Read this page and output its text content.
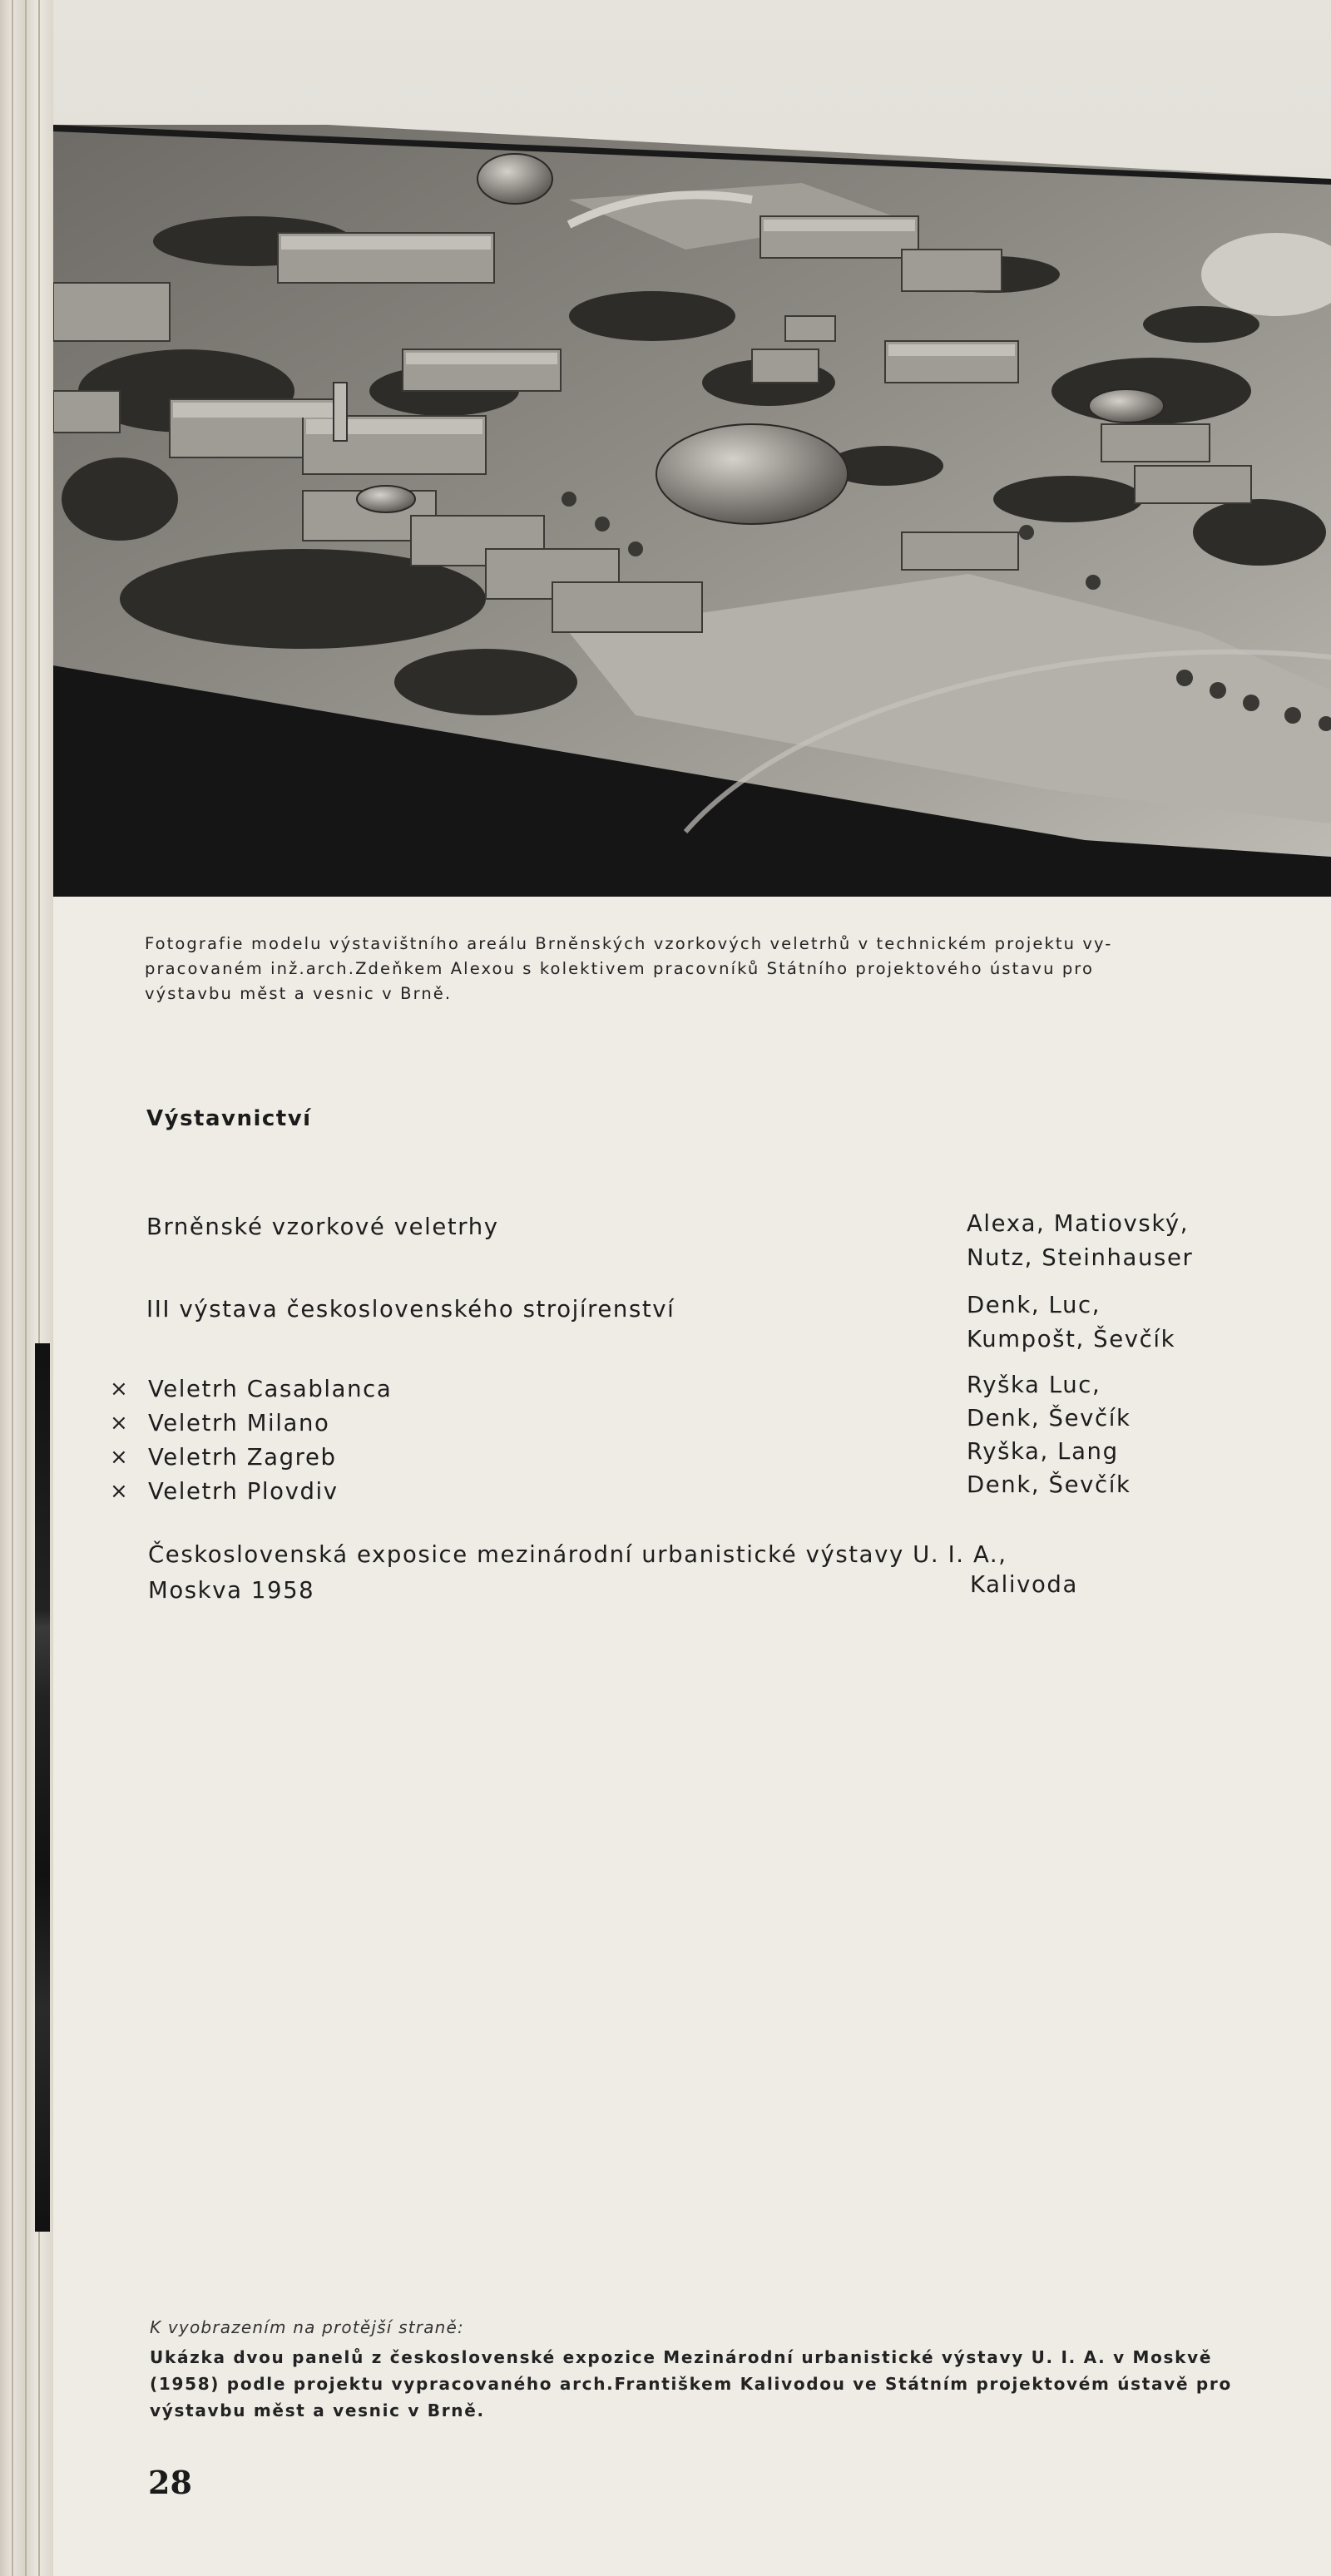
Fotografie modelu výstavištního areálu Brněnských vzorkových veletrhů v technickém projektu vy-
pracovaném inž.arch.Zdeňkem Alexou s kolektivem pracovníků Státního projektového ústavu pro
výstavbu měst a vesnic v Brně.
Výstavnictví
Brněnské vzorkové veletrhy	Alexa, Matiovský,
Nutz, Steinhauser
III výstava československého strojírenství	Denk, Luc,
Kumpošt, Ševčík
× Veletrh Casablanca	Ryška Luc,
× Veletrh Milano	Denk, Ševčík
× Veletrh Zagreb	Ryška, Lang
× Veletrh Plovdiv	Denk, Ševčík
Československá exposice mezinárodní urbanistické výstavy U. I. A.,
Moskva 1958	Kalivoda
K vyobrazením na protější straně:
Ukázka dvou panelů z československé expozice Mezinárodní urbanistické výstavy U. I. A. v Moskvě
(1958) podle projektu vypracovaného arch.Františkem Kalivodou ve Státním projektovém ústavě pro
výstavbu měst a vesnic v Brně.
28
